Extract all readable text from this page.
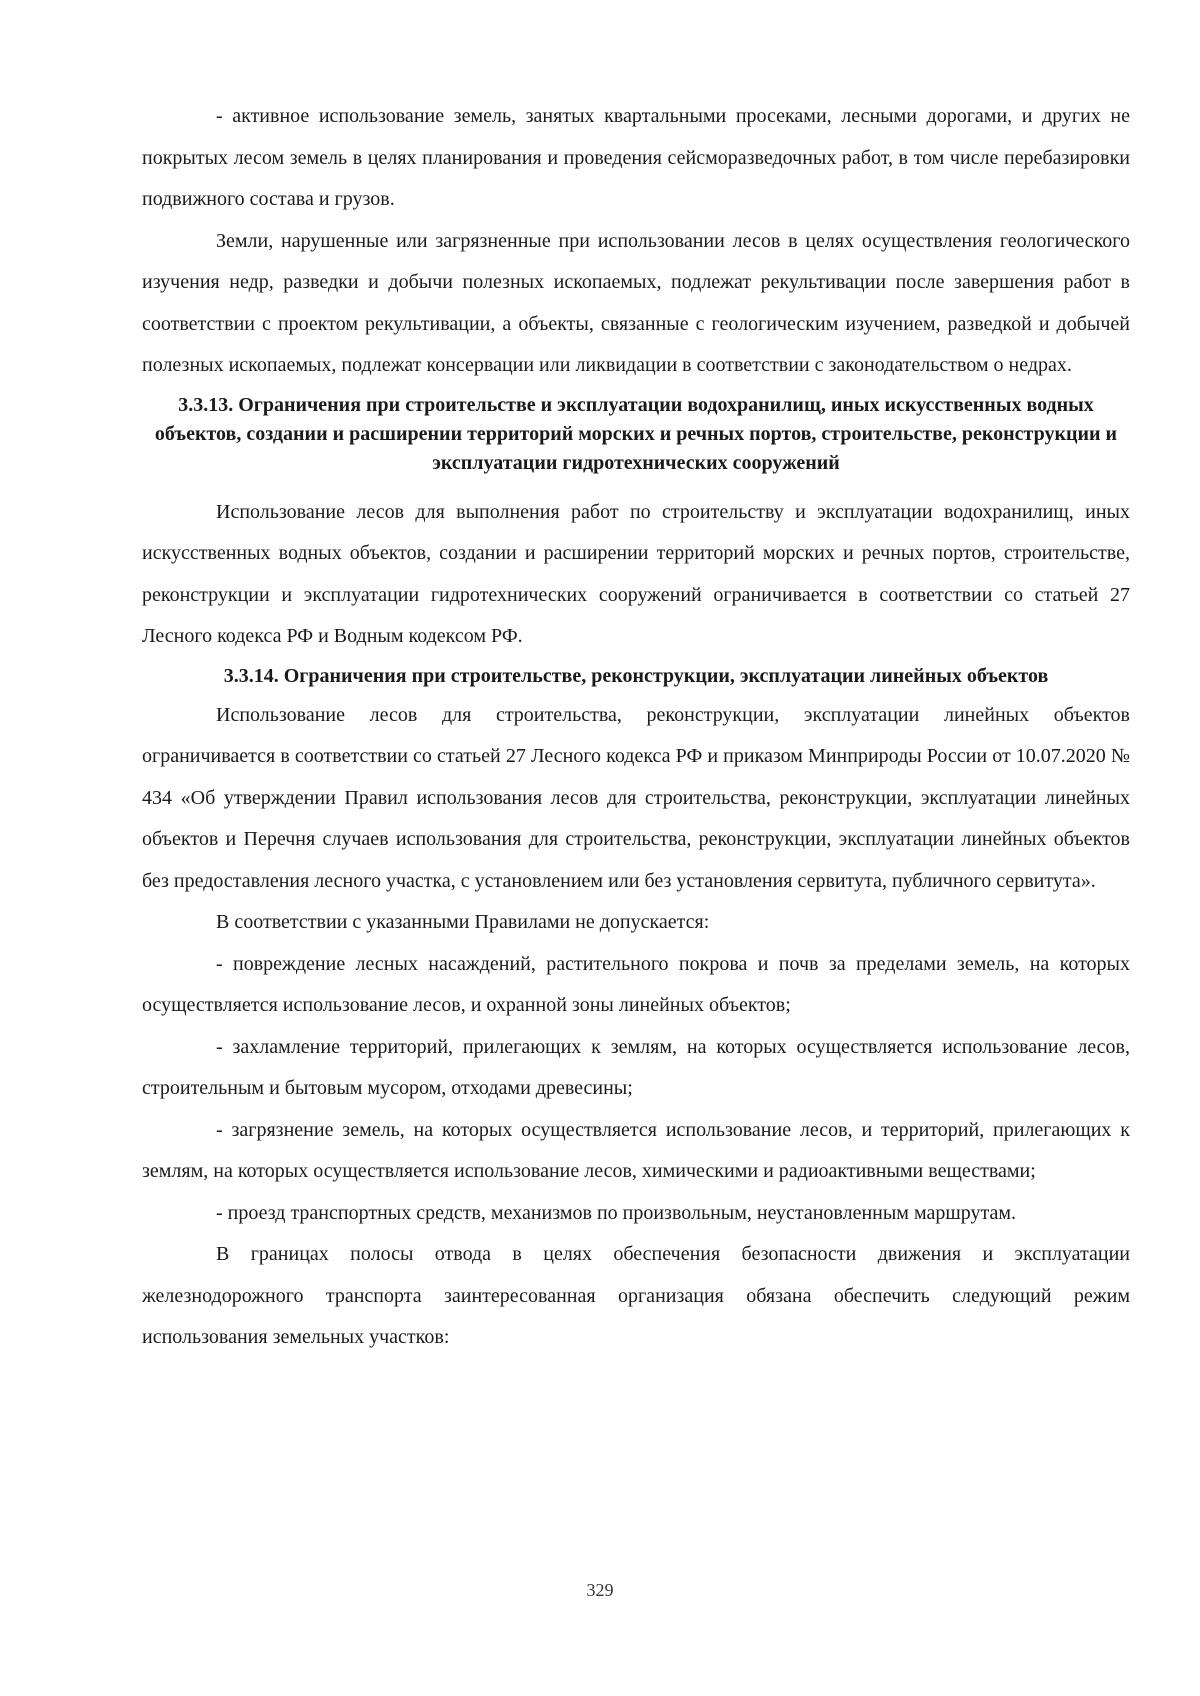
- активное использование земель, занятых квартальными просеками, лесными дорогами, и других не покрытых лесом земель в целях планирования и проведения сейсморазведочных работ, в том числе перебазировки подвижного состава и грузов.

Земли, нарушенные или загрязненные при использовании лесов в целях осуществления геологического изучения недр, разведки и добычи полезных ископаемых, подлежат рекультивации после завершения работ в соответствии с проектом рекультивации, а объекты, связанные с геологическим изучением, разведкой и добычей полезных ископаемых, подлежат консервации или ликвидации в соответствии с законодательством о недрах.

3.3.13. Ограничения при строительстве и эксплуатации водохранилищ, иных искусственных водных объектов, создании и расширении территорий морских и речных портов, строительстве, реконструкции и эксплуатации гидротехнических сооружений

Использование лесов для выполнения работ по строительству и эксплуатации водохранилищ, иных искусственных водных объектов, создании и расширении территорий морских и речных портов, строительстве, реконструкции и эксплуатации гидротехнических сооружений ограничивается в соответствии со статьей 27 Лесного кодекса РФ и Водным кодексом РФ.

3.3.14. Ограничения при строительстве, реконструкции, эксплуатации линейных объектов

Использование лесов для строительства, реконструкции, эксплуатации линейных объектов ограничивается в соответствии со статьей 27 Лесного кодекса РФ и приказом Минприроды России от 10.07.2020 № 434 «Об утверждении Правил использования лесов для строительства, реконструкции, эксплуатации линейных объектов и Перечня случаев использования для строительства, реконструкции, эксплуатации линейных объектов без предоставления лесного участка, с установлением или без установления сервитута, публичного сервитута».

В соответствии с указанными Правилами не допускается:

- повреждение лесных насаждений, растительного покрова и почв за пределами земель, на которых осуществляется использование лесов, и охранной зоны линейных объектов;

- захламление территорий, прилегающих к землям, на которых осуществляется использование лесов, строительным и бытовым мусором, отходами древесины;

- загрязнение земель, на которых осуществляется использование лесов, и территорий, прилегающих к землям, на которых осуществляется использование лесов, химическими и радиоактивными веществами;

- проезд транспортных средств, механизмов по произвольным, неустановленным маршрутам.

В границах полосы отвода в целях обеспечения безопасности движения и эксплуатации железнодорожного транспорта заинтересованная организация обязана обеспечить следующий режим использования земельных участков:

329
